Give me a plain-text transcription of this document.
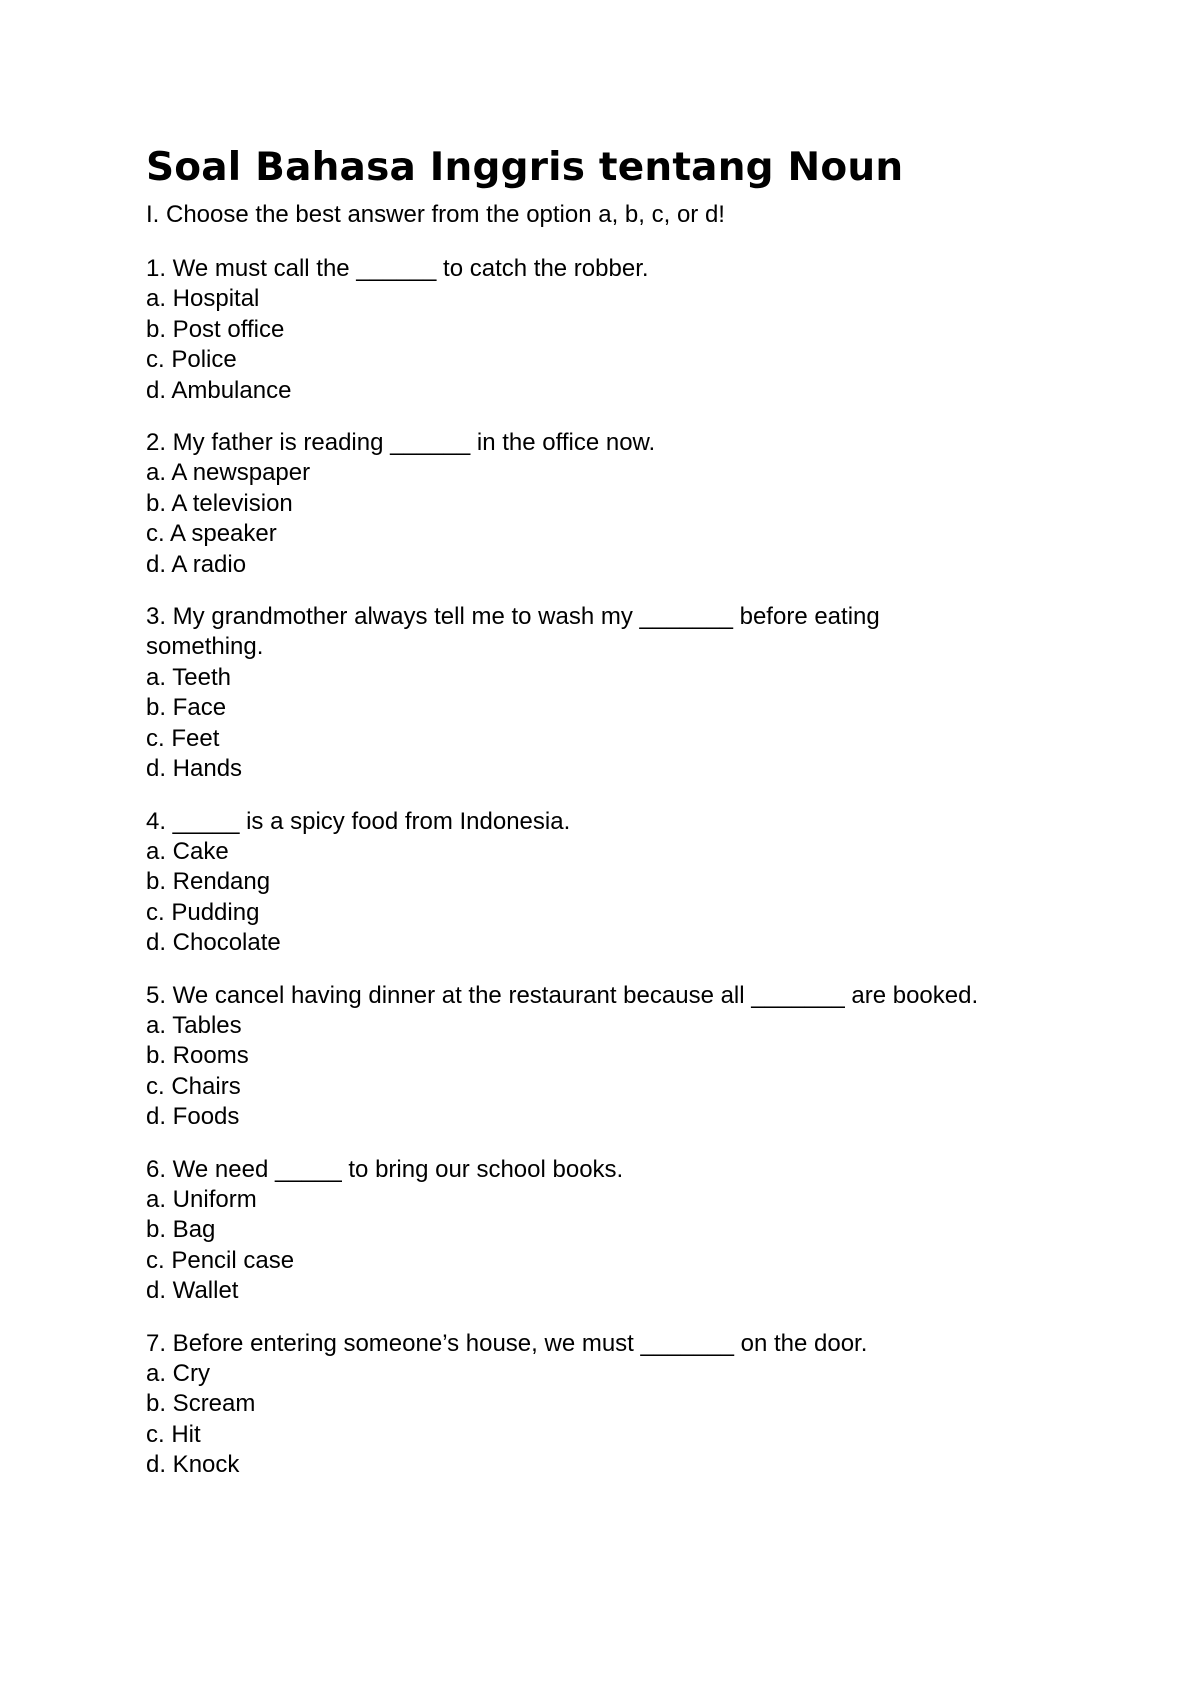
Soal Bahasa Inggris tentang Noun

I. Choose the best answer from the option a, b, c, or d!

1. We must call the ______ to catch the robber.

a. Hospital

b. Post office

c. Police

d. Ambulance

2. My father is reading ______ in the office now.

a. A newspaper

b. A television

c. A speaker

d. A radio

3. My grandmother always tell me to wash my _______ before eating something.

a. Teeth

b. Face

c. Feet

d. Hands

4. _____ is a spicy food from Indonesia.

a. Cake

b. Rendang

c. Pudding

d. Chocolate

5. We cancel having dinner at the restaurant because all _______ are booked.

a. Tables

b. Rooms

c. Chairs

d. Foods

6. We need _____ to bring our school books.

a. Uniform

b. Bag

c. Pencil case

d. Wallet

7. Before entering someone’s house, we must _______ on the door.

a. Cry

b. Scream

c. Hit

d. Knock
